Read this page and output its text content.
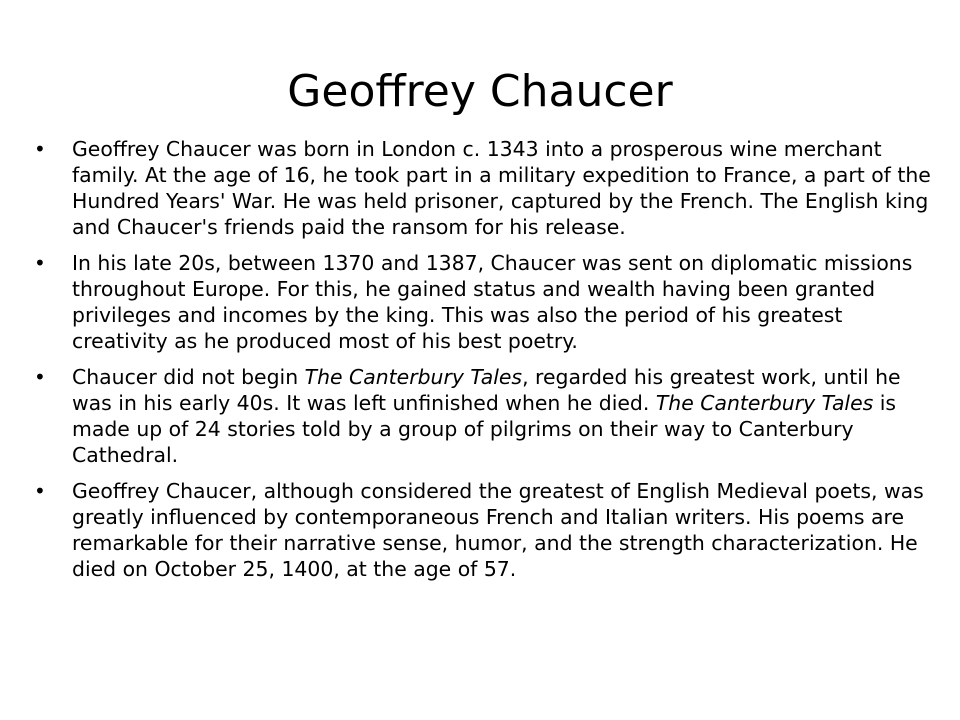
Geoffrey Chaucer
•	Geoffrey Chaucer was born in London c. 1343 into a prosperous wine merchant family. At the age of 16, he took part in a military expedition to France, a part of the Hundred Years' War. He was held prisoner, captured by the French. The English king and Chaucer's friends paid the ransom for his release.
•	In his late 20s, between 1370 and 1387, Chaucer was sent on diplomatic missions throughout Europe. For this, he gained status and wealth having been granted privileges and incomes by the king. This was also the period of his greatest creativity as he produced most of his best poetry.
•	Chaucer did not begin The Canterbury Tales, regarded his greatest work, until he was in his early 40s. It was left unfinished when he died. The Canterbury Tales is made up of 24 stories told by a group of pilgrims on their way to Canterbury Cathedral.
•	Geoffrey Chaucer, although considered the greatest of English Medieval poets, was greatly influenced by contemporaneous French and Italian writers. His poems are remarkable for their narrative sense, humor, and the strength characterization. He died on October 25, 1400, at the age of 57.
